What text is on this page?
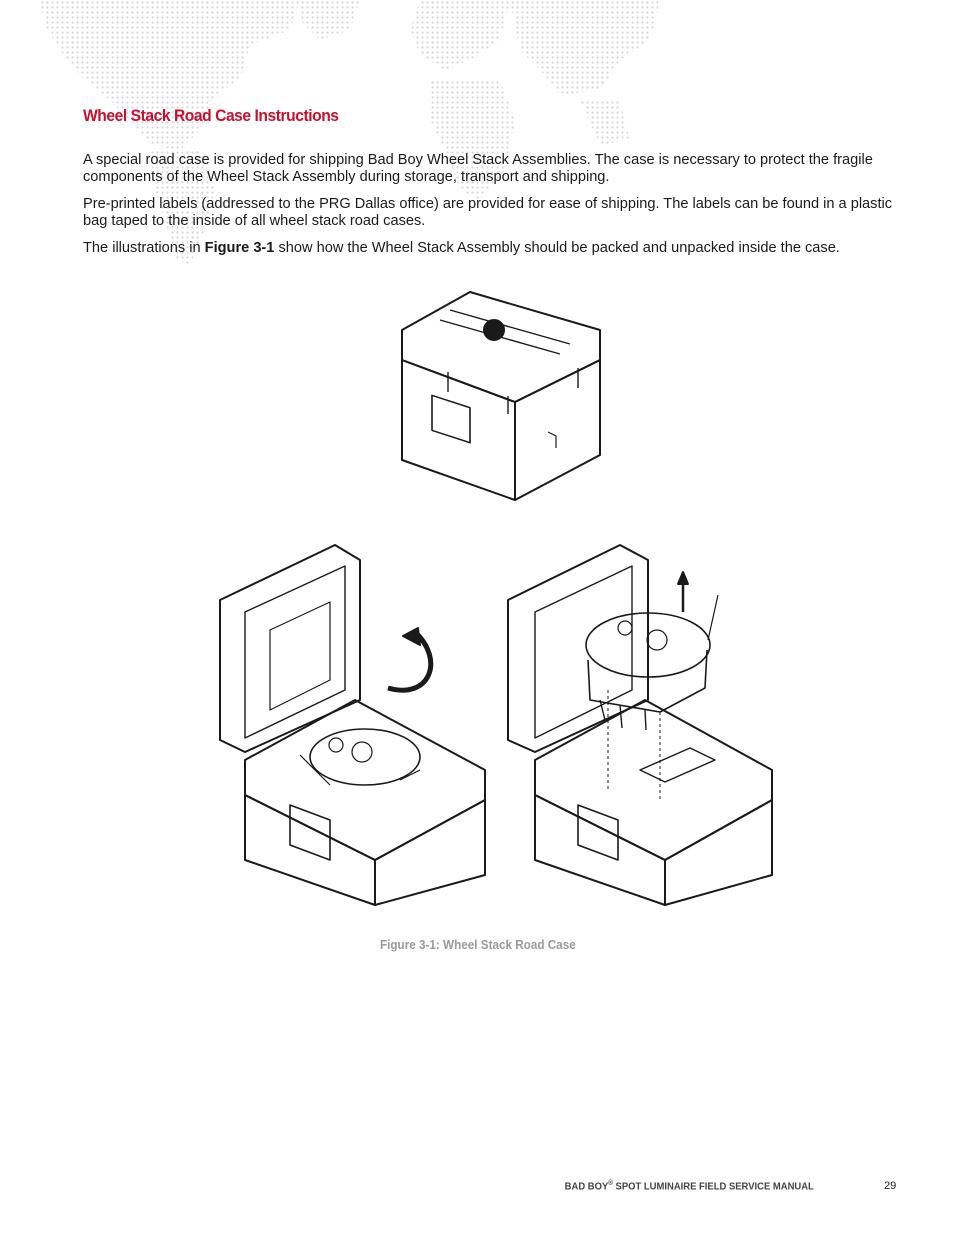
Wheel Stack Road Case Instructions

A special road case is provided for shipping Bad Boy Wheel Stack Assemblies. The case is necessary to protect the fragile components of the Wheel Stack Assembly during storage, transport and shipping.

Pre-printed labels (addressed to the PRG Dallas office) are provided for ease of shipping. The labels can be found in a plastic bag taped to the inside of all wheel stack road cases.

The illustrations in Figure 3-1 show how the Wheel Stack Assembly should be packed and unpacked inside the case.

Figure 3-1: Wheel Stack Road Case
BAD BOY® SPOT LUMINAIRE FIELD SERVICE MANUAL	29
